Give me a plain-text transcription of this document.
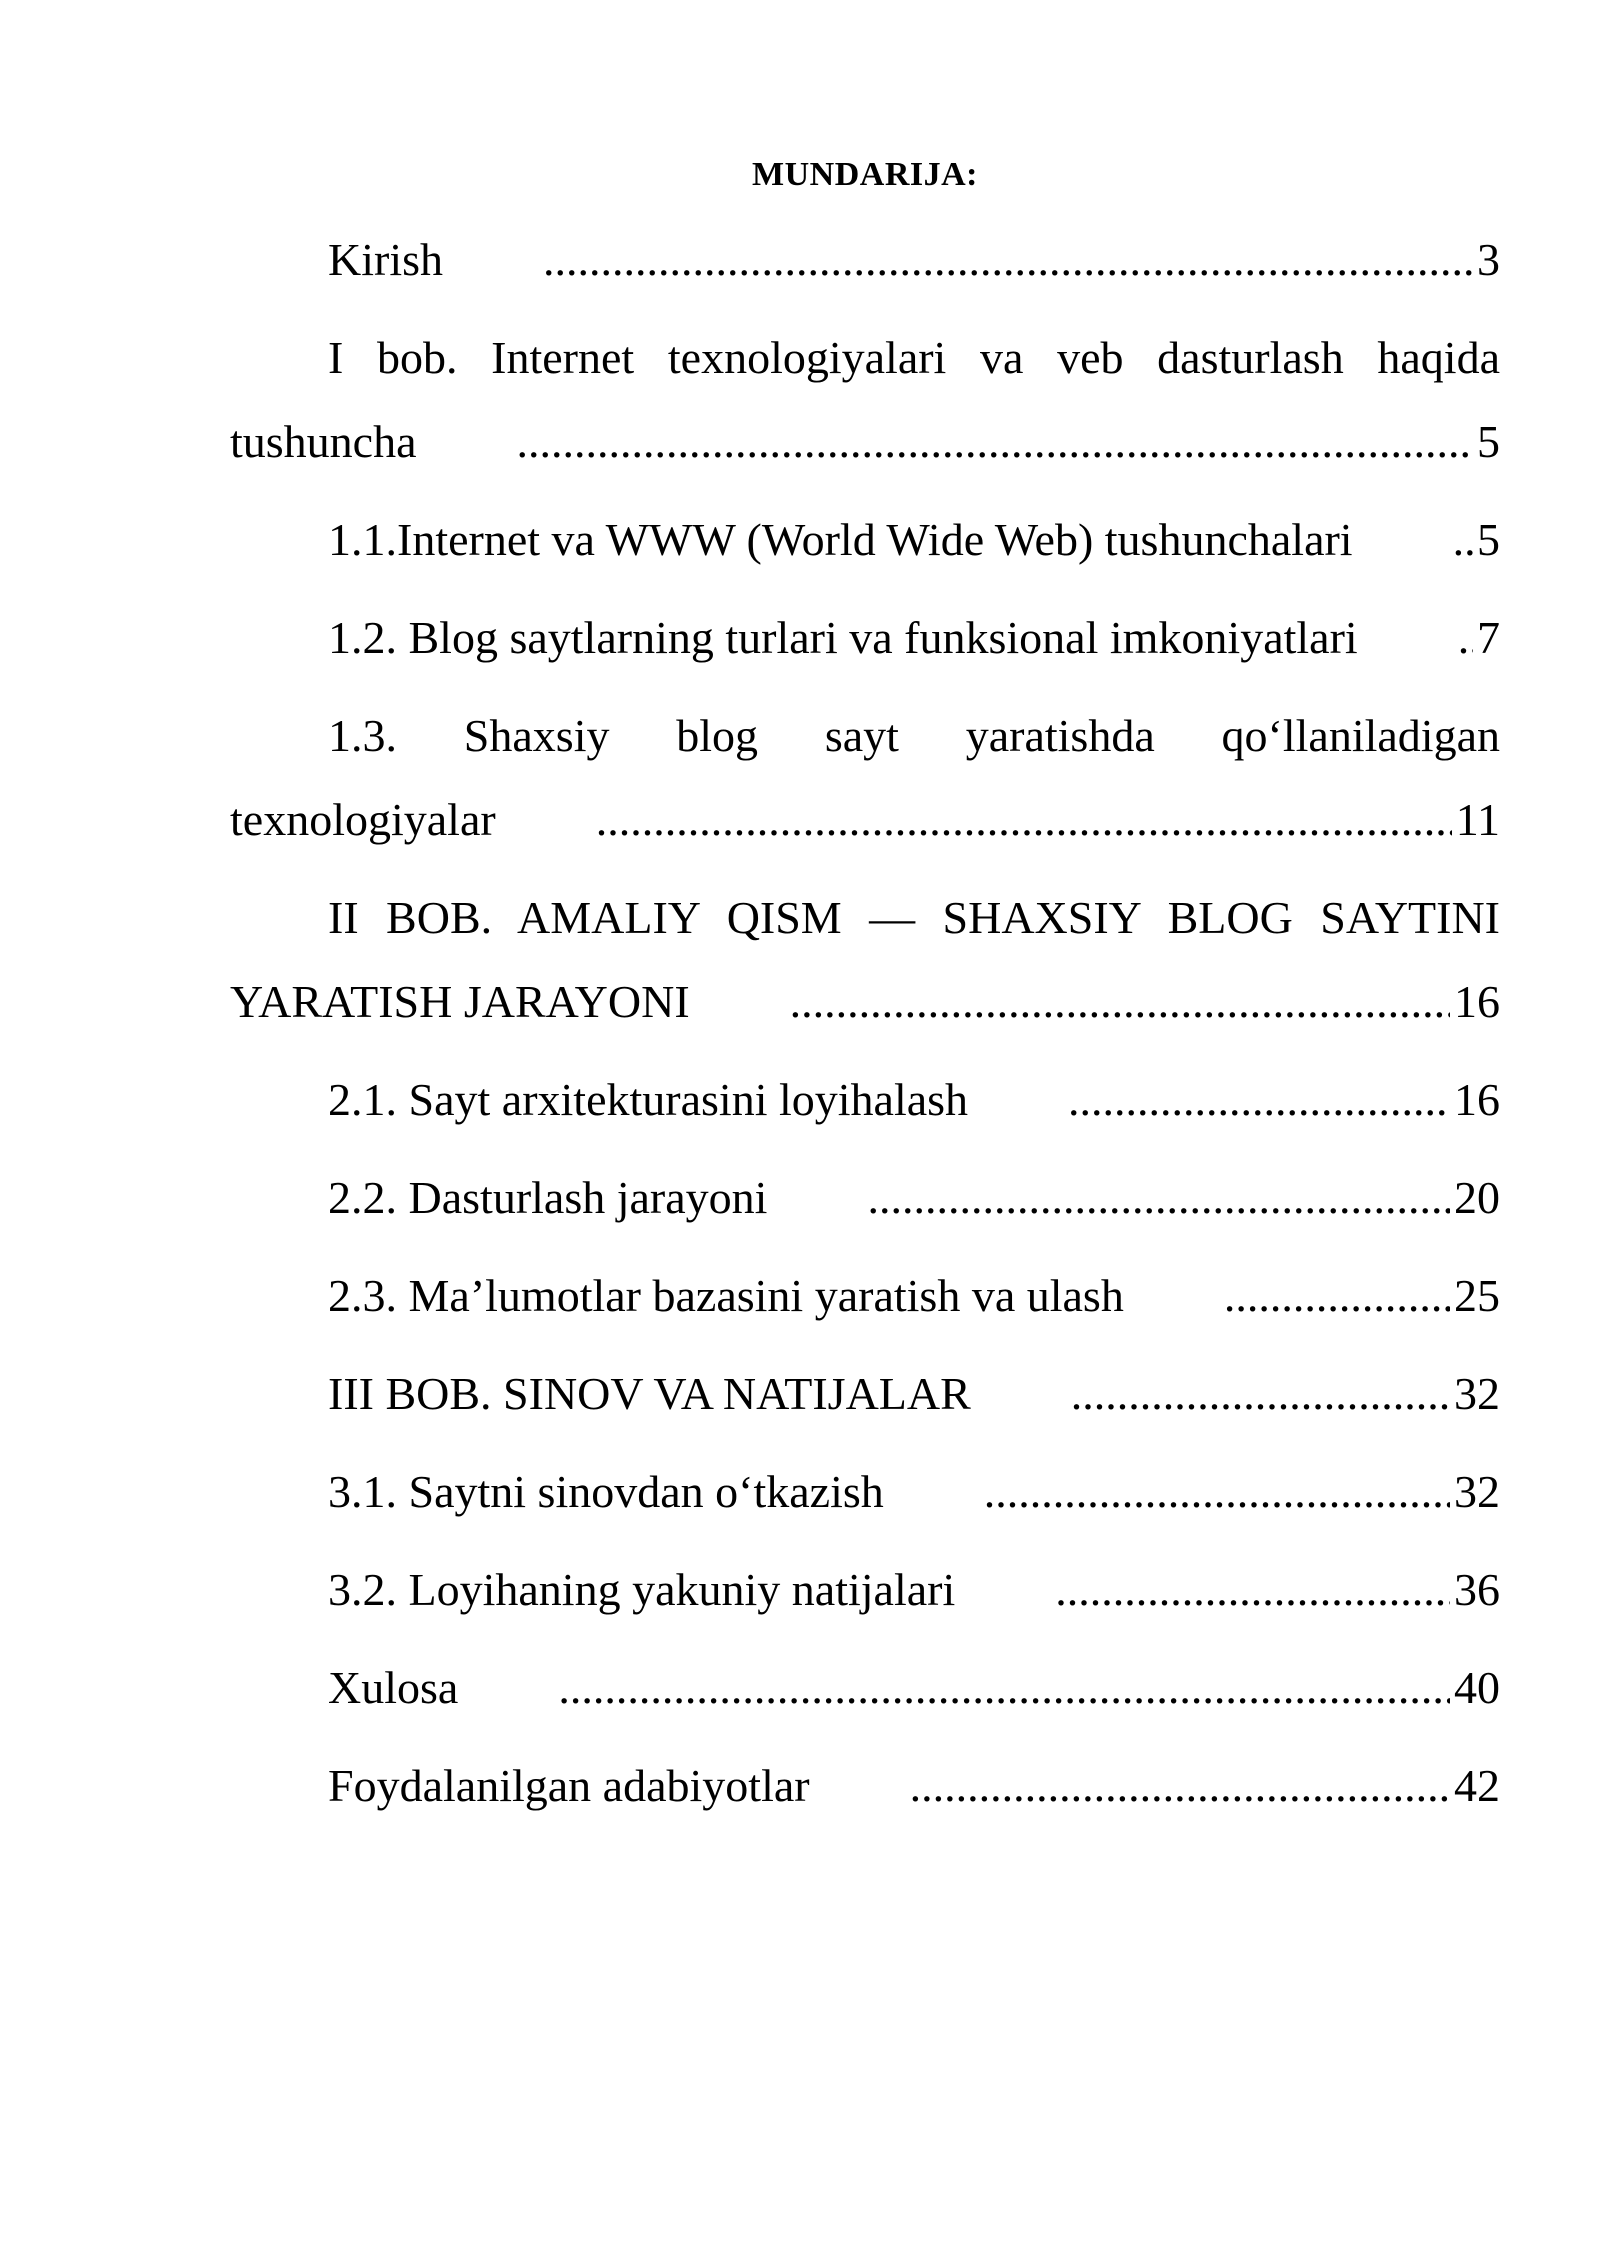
MUNDARIJA:
Kirish	3
I bob. Internet texnologiyalari va veb dasturlash haqida tushuncha	5
1.1.Internet va WWW (World Wide Web) tushunchalari	5
1.2. Blog saytlarning turlari va funksional imkoniyatlari	7
1.3. Shaxsiy blog sayt yaratishda qo‘llaniladigan texnologiyalar	11
II BOB. AMALIY QISM — SHAXSIY BLOG SAYTINI YARATISH JARAYONI	16
2.1. Sayt arxitekturasini loyihalash	16
2.2. Dasturlash jarayoni	20
2.3. Ma’lumotlar bazasini yaratish va ulash	25
III BOB. SINOV VA NATIJALAR	32
3.1. Saytni sinovdan o‘tkazish	32
3.2. Loyihaning yakuniy natijalari	36
Xulosa	40
Foydalanilgan adabiyotlar	42
